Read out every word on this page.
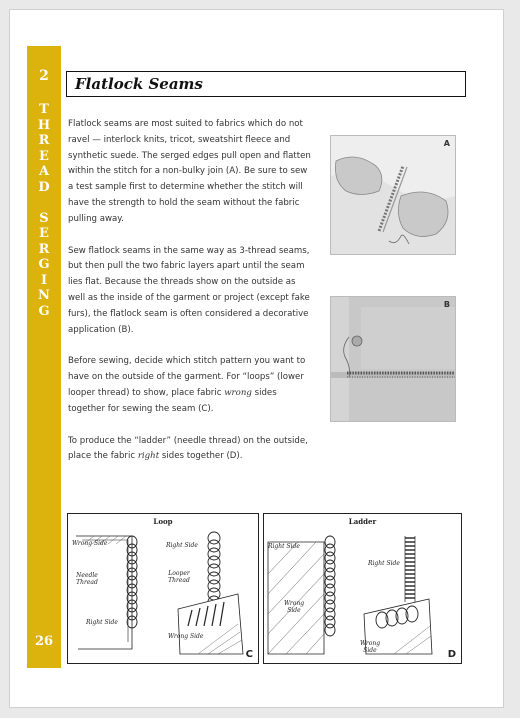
2
T
H
R
E
A
D
S
E
R
G
I
N
G
26
Flatlock Seams

Flatlock seams are most suited to fabrics which do not ravel — interlock knits, tricot, sweatshirt fleece and synthetic suede. The serged edges pull open and flatten within the stitch for a non-bulky join (A). Be sure to sew a test sample first to determine whether the stitch will have the strength to hold the seam without the fabric pulling away.

Sew flatlock seams in the same way as 3-thread seams, but then pull the two fabric layers apart until the seam lies flat. Because the threads show on the outside as well as the inside of the garment or project (except fake furs), the flatlock seam is often considered a decorative application (B).

Before sewing, decide which stitch pattern you want to have on the outside of the garment. For “loops” (lower looper thread) to show, place fabric wrong sides together for sewing the seam (C).

To produce the “ladder” (needle thread) on the outside, place the fabric right sides together (D).

A
B
Loop
Wrong Side	Right Side
Needle Thread
Looper Thread
Right Side
Wrong Side
C
Ladder
Right Side
Wrong Side
Right Side
Wrong Side	D
